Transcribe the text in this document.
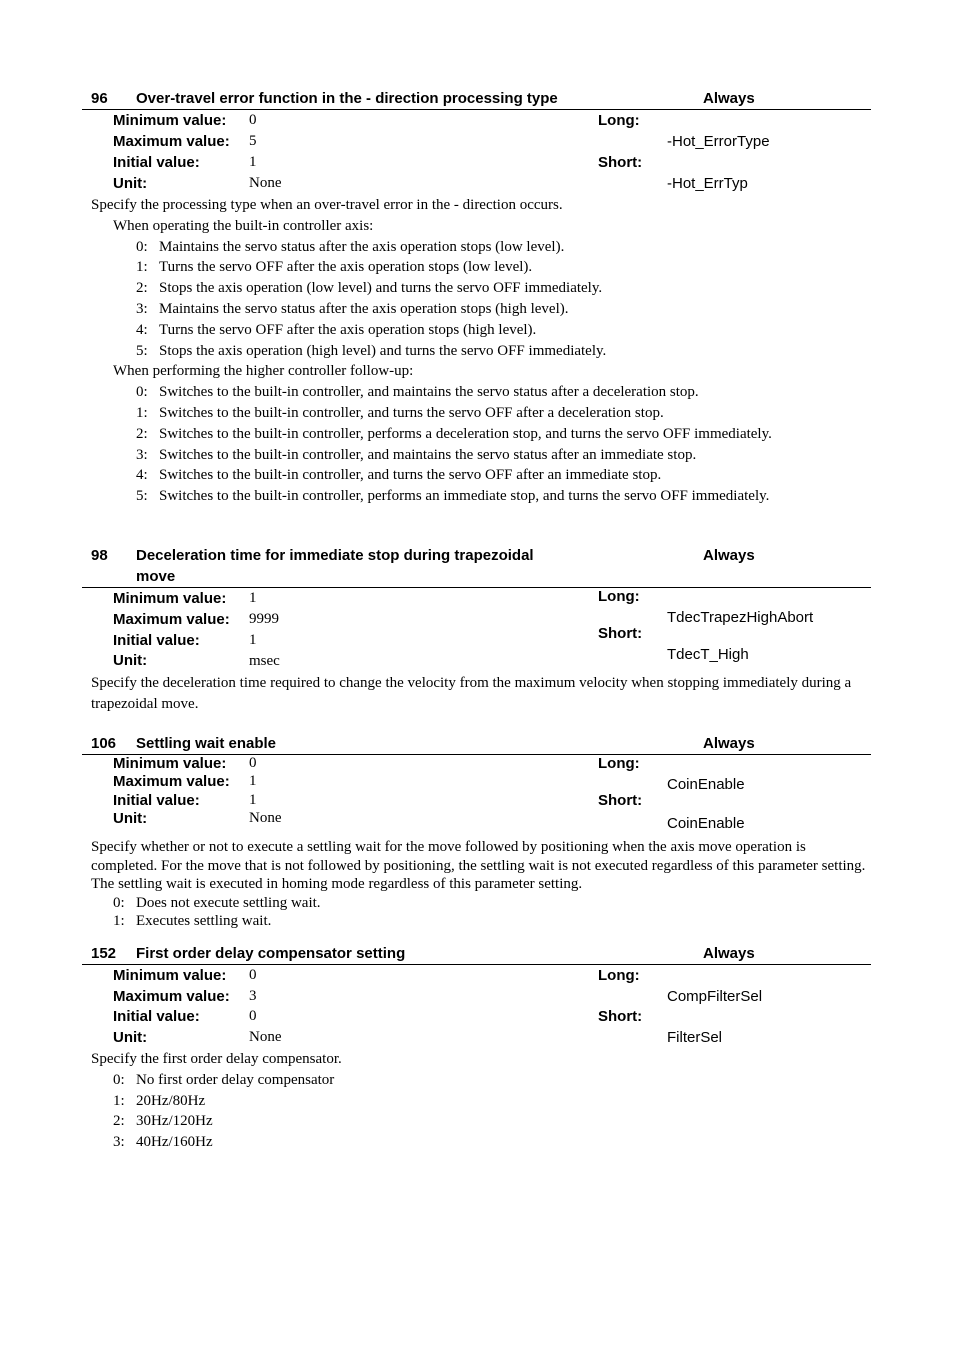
96 Over-travel error function in the - direction processing type	Always
Minimum value: 0
Maximum value: 5
Initial value:	1
Unit:	None
Long:
-Hot_ErrorType
Short:
-Hot_ErrTyp
Specify the processing type when an over-travel error in the - direction occurs.
When operating the built-in controller axis:
0: Maintains the servo status after the axis operation stops (low level).
1: Turns the servo OFF after the axis operation stops (low level).
2: Stops the axis operation (low level) and turns the servo OFF immediately.
3: Maintains the servo status after the axis operation stops (high level).
4: Turns the servo OFF after the axis operation stops (high level).
5: Stops the axis operation (high level) and turns the servo OFF immediately.
When performing the higher controller follow-up:
0: Switches to the built-in controller, and maintains the servo status after a deceleration stop.
1: Switches to the built-in controller, and turns the servo OFF after a deceleration stop.
2: Switches to the built-in controller, performs a deceleration stop, and turns the servo OFF immediately.
3: Switches to the built-in controller, and maintains the servo status after an immediate stop.
4: Switches to the built-in controller, and turns the servo OFF after an immediate stop.
5: Switches to the built-in controller, performs an immediate stop, and turns the servo OFF immediately.
98 Deceleration time for immediate stop during trapezoidal move
Always
Minimum value: 1
Maximum value: 9999
Initial value:	1
Unit:	msec
Long:
TdecTrapezHighAbort
Short:
TdecT_High
Specify the deceleration time required to change the velocity from the maximum velocity when stopping immediately during a trapezoidal move.
106 Settling wait enable	Always
Minimum value: 0
Maximum value: 1
Initial value:	1
Unit:	None
Long:
CoinEnable
Short:
CoinEnable
Specify whether or not to execute a settling wait for the move followed by positioning when the axis move operation is completed. For the move that is not followed by positioning, the settling wait is not executed regardless of this parameter setting. The settling wait is executed in homing mode regardless of this parameter setting.
0: Does not execute settling wait.
1: Executes settling wait.
152 First order delay compensator setting	Always
Minimum value: 0
Maximum value: 3
Initial value:	0
Unit:	None
Long:
CompFilterSel
Short:
FilterSel
Specify the first order delay compensator.
0: No first order delay compensator
1: 20Hz/80Hz
2: 30Hz/120Hz
3: 40Hz/160Hz
